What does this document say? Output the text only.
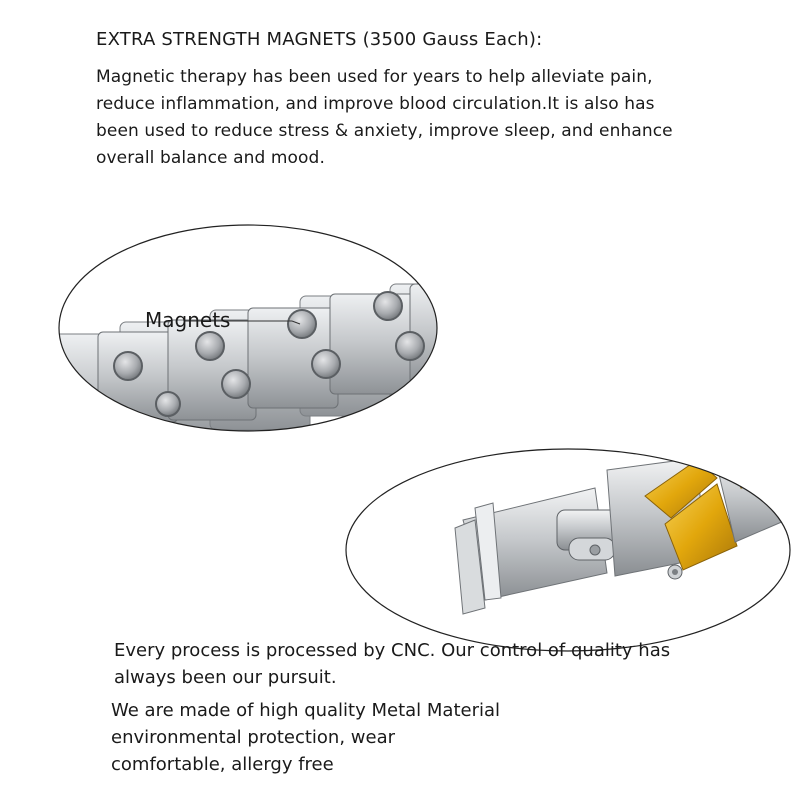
EXTRA STRENGTH MAGNETS (3500 Gauss Each):
Magnetic therapy has been used for years to help alleviate pain,
reduce inflammation, and improve blood circulation.It is also has
been used to reduce stress & anxiety, improve sleep, and enhance
overall balance and mood.
Magnets
Every process is processed by CNC. Our control of quality has
always been our pursuit.
We are made of high quality Metal Material
environmental protection, wear
comfortable, allergy free
